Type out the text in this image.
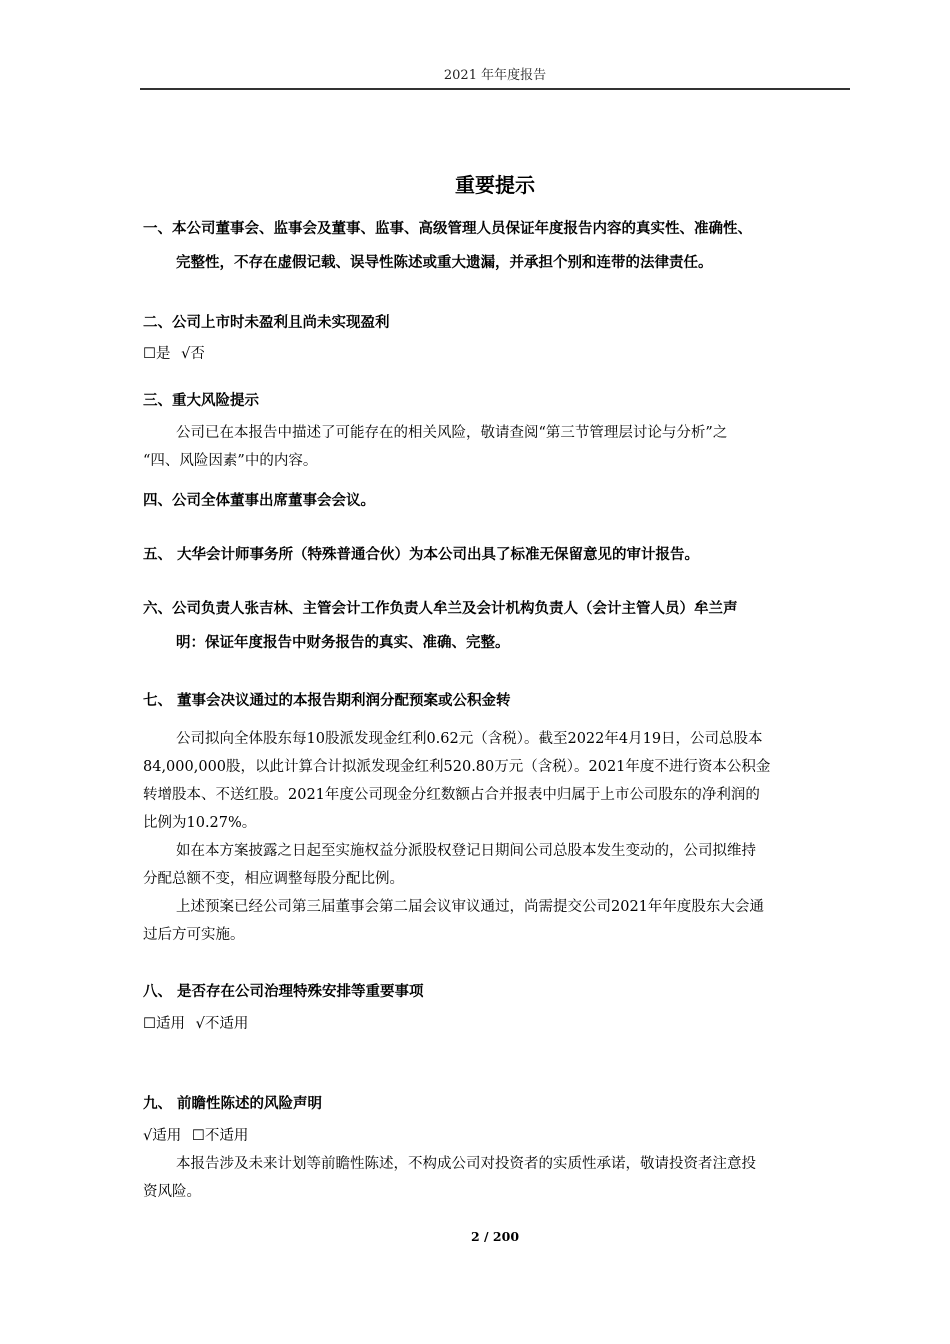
2021 年年度报告
重要提示
一、本公司董事会、监事会及董事、监事、高级管理人员保证年度报告内容的真实性、准确性、
完整性，不存在虚假记载、误导性陈述或重大遗漏，并承担个别和连带的法律责任。
二、公司上市时未盈利且尚未实现盈利
☐是 √否
三、重大风险提示
公司已在本报告中描述了可能存在的相关风险，敬请查阅“第三节管理层讨论与分析”之
“四、风险因素”中的内容。
四、公司全体董事出席董事会会议。
五、 大华会计师事务所（特殊普通合伙）为本公司出具了标准无保留意见的审计报告。
六、公司负责人张吉林、主管会计工作负责人牟兰及会计机构负责人（会计主管人员）牟兰声
明：保证年度报告中财务报告的真实、准确、完整。
七、 董事会决议通过的本报告期利润分配预案或公积金转
公司拟向全体股东每10股派发现金红利0.62元（含税）。截至2022年4月19日，公司总股本
84,000,000股，以此计算合计拟派发现金红利520.80万元（含税）。2021年度不进行资本公积金
转增股本、不送红股。2021年度公司现金分红数额占合并报表中归属于上市公司股东的净利润的
比例为10.27%。
如在本方案披露之日起至实施权益分派股权登记日期间公司总股本发生变动的，公司拟维持
分配总额不变，相应调整每股分配比例。
上述预案已经公司第三届董事会第二届会议审议通过，尚需提交公司2021年年度股东大会通
过后方可实施。
八、 是否存在公司治理特殊安排等重要事项
☐适用 √不适用
九、 前瞻性陈述的风险声明
√适用 ☐不适用
本报告涉及未来计划等前瞻性陈述，不构成公司对投资者的实质性承诺，敬请投资者注意投
资风险。
2 / 200
